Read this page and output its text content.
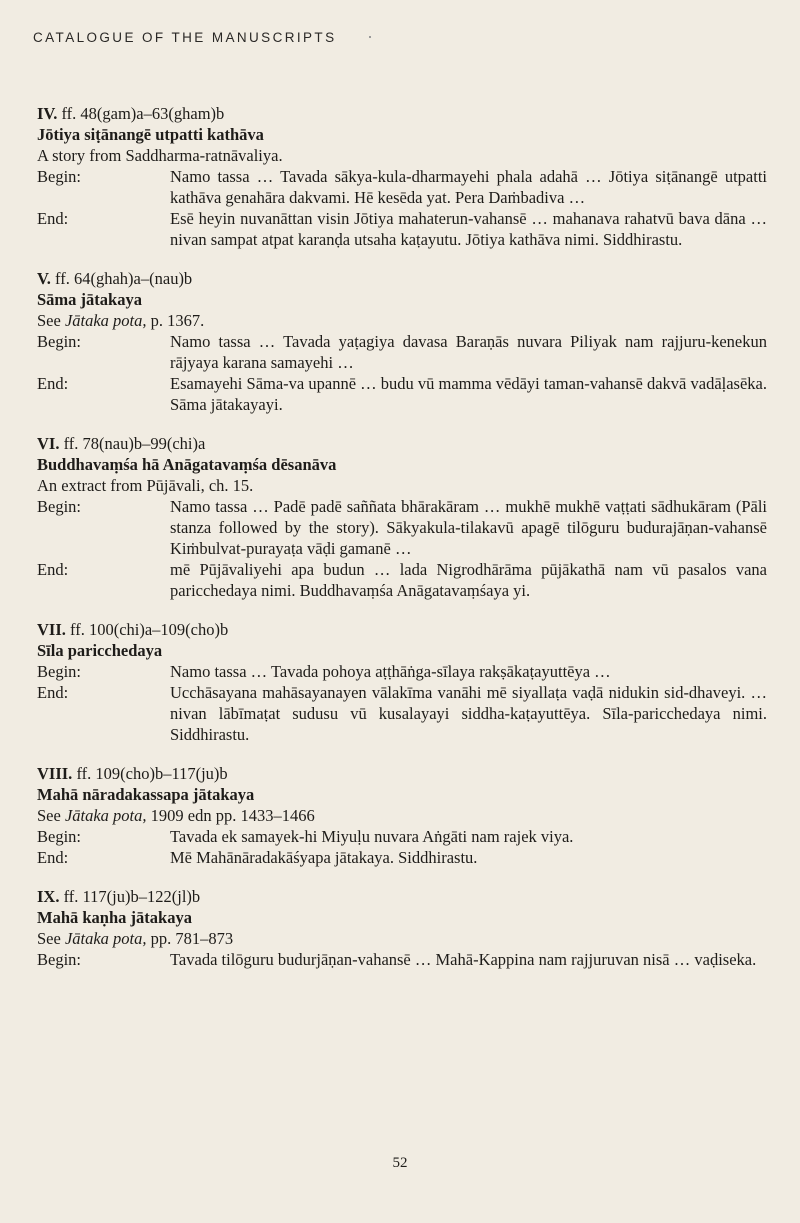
CATALOGUE OF THE MANUSCRIPTS
IV. ff. 48(gam)a–63(gham)b
Jōtiya siṭānangē utpatti kathāva
A story from Saddharma-ratnāvaliya.
Begin:	Namo tassa … Tavada sākya-kula-dharmayehi phala adahā … Jōtiya siṭānangē utpatti kathāva genahāra dakvami. Hē kesēda yat. Pera Daṁbadiva …
End:	Esē heyin nuvanāttan visin Jōtiya mahaterun-vahansē … mahanava rahatvū bava dāna … nivan sampat atpat karanḍa utsaha kaṭayutu. Jōtiya kathāva nimi. Siddhirastu.
V. ff. 64(ghah)a–(nau)b
Sāma jātakaya
See Jātaka pota, p. 1367.
Begin:	Namo tassa … Tavada yaṭagiya davasa Baraṇās nuvara Piliyak nam rajjuru-kenekun rājyaya karana samayehi …
End:	Esamayehi Sāma-va upannē … budu vū mamma vēdāyi taman-vahansē dakvā vadāḷasēka. Sāma jātakayayi.
VI. ff. 78(nau)b–99(chi)a
Buddhavaṃśa hā Anāgatavaṃśa dēsanāva
An extract from Pūjāvali, ch. 15.
Begin:	Namo tassa … Padē padē saññata bhārakāram … mukhē mukhē vaṭṭati sādhukāram (Pāli stanza followed by the story). Sākyakula-tilakavū apagē tilōguru budurajāṇan-vahansē Kiṁbulvat-purayaṭa vāḍi gamanē …
End:	mē Pūjāvaliyehi apa budun … lada Nigrodhārāma pūjākathā nam vū pasalos vana paricchedaya nimi. Buddhavaṃśa Anāgatavaṃśaya yi.
VII. ff. 100(chi)a–109(cho)b
Sīla paricchedaya
Begin:	Namo tassa … Tavada pohoya aṭṭhāṅga-sīlaya rakṣākaṭayuttēya …
End:	Ucchāsayana mahāsayanayen vālakīma vanāhi mē siyallaṭa vaḍā nidukin sid-dhaveyi. … nivan lābīmaṭat sudusu vū kusalayayi siddha-kaṭayuttēya. Sīla-paricchedaya nimi. Siddhirastu.
VIII. ff. 109(cho)b–117(ju)b
Mahā nāradakassapa jātakaya
See Jātaka pota, 1909 edn pp. 1433–1466
Begin:	Tavada ek samayek-hi Miyuḷu nuvara Aṅgāti nam rajek viya.
End:	Mē Mahānāradakāśyapa jātakaya. Siddhirastu.
IX. ff. 117(ju)b–122(jl)b
Mahā kaṇha jātakaya
See Jātaka pota, pp. 781–873
Begin:	Tavada tilōguru budurjāṇan-vahansē … Mahā-Kappina nam rajjuruvan nisā … vaḍiseka.
52
